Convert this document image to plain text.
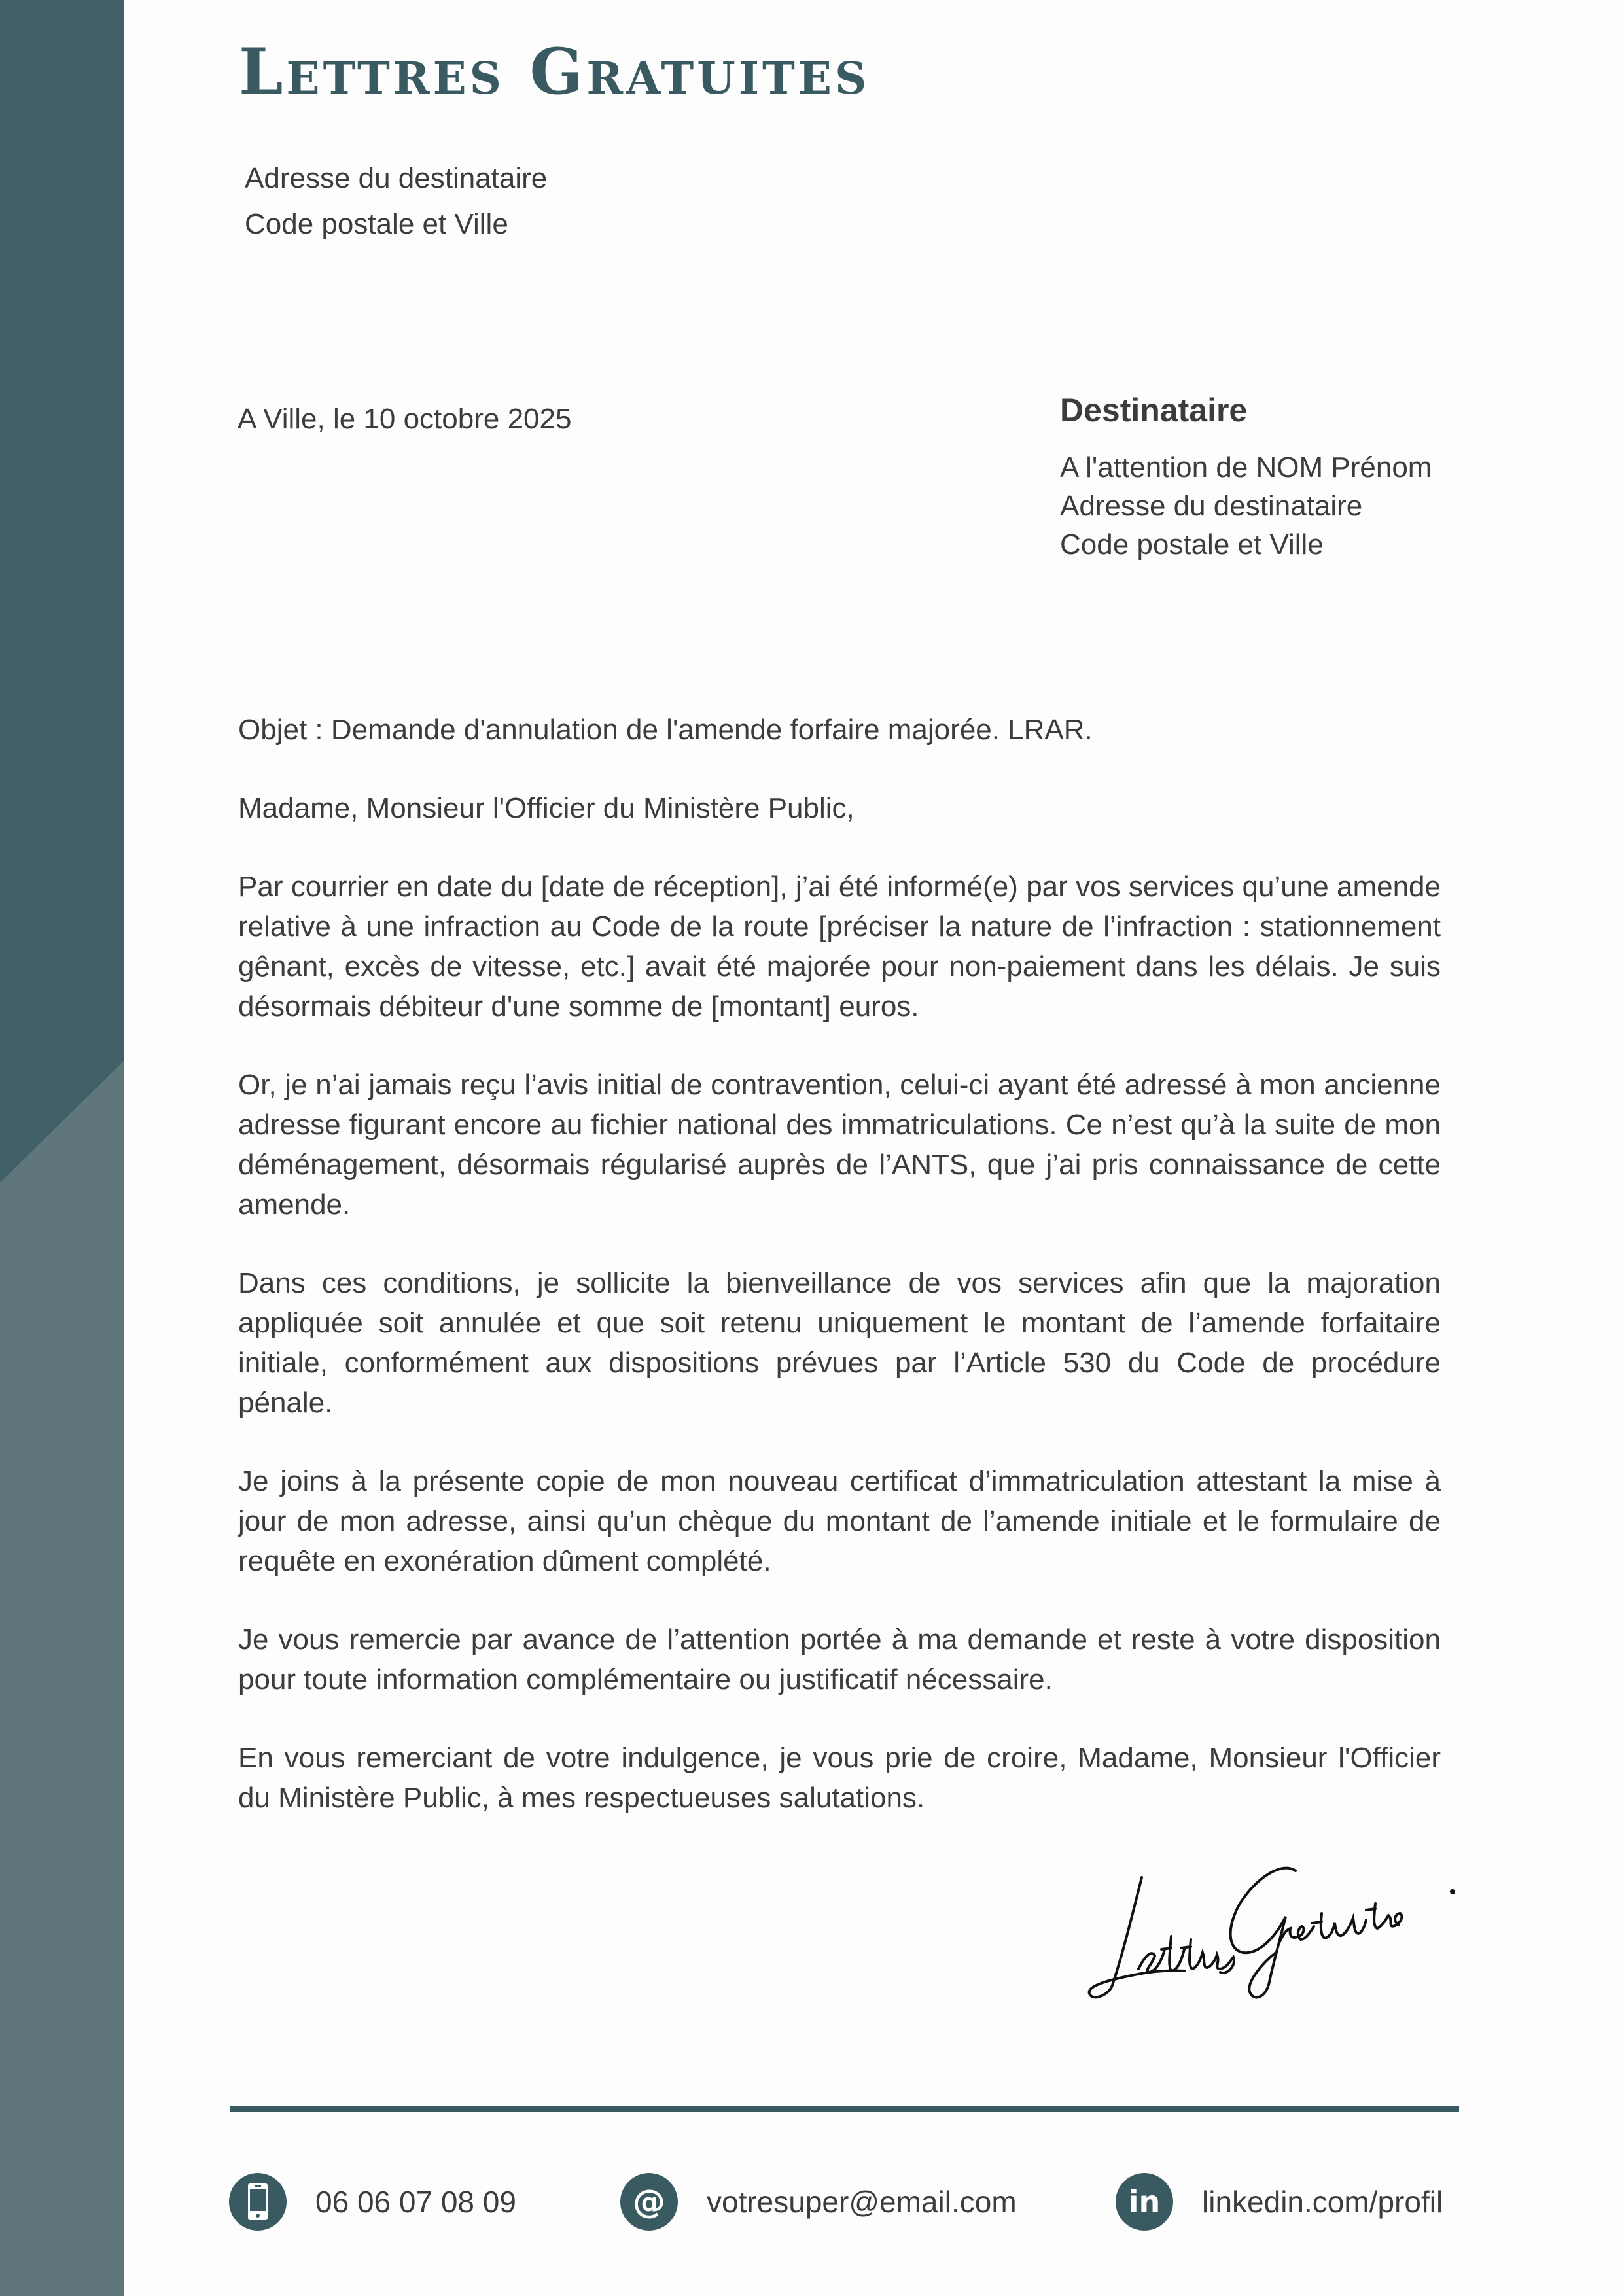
Lettres Gratuites
Adresse du destinataire
Code postale et Ville
A Ville, le 10 octobre 2025	Destinataire
A l'attention de NOM Prénom
Adresse du destinataire
Code postale et Ville

Objet : Demande d'annulation de l'amende forfaire majorée. LRAR.

Madame, Monsieur l'Officier du Ministère Public,

Par courrier en date du [date de réception], j’ai été informé(e) par vos services qu’une amende relative à une infraction au Code de la route [préciser la nature de l’infraction : stationnement gênant, excès de vitesse, etc.] avait été majorée pour non-paiement dans les délais. Je suis désormais débiteur d'une somme de [montant] euros.

Or, je n’ai jamais reçu l’avis initial de contravention, celui-ci ayant été adressé à mon ancienne adresse figurant encore au fichier national des immatriculations. Ce n’est qu’à la suite de mon déménagement, désormais régularisé auprès de l’ANTS, que j’ai pris connaissance de cette amende.

Dans ces conditions, je sollicite la bienveillance de vos services afin que la majoration appliquée soit annulée et que soit retenu uniquement le montant de l’amende forfaitaire initiale, conformément aux dispositions prévues par l’Article 530 du Code de procédure pénale.

Je joins à la présente copie de mon nouveau certificat d’immatriculation attestant la mise à jour de mon adresse, ainsi qu’un chèque du montant de l’amende initiale et le formulaire de requête en exonération dûment complété.

Je vous remercie par avance de l’attention portée à ma demande et reste à votre disposition pour toute information complémentaire ou justificatif nécessaire.

En vous remerciant de votre indulgence, je vous prie de croire, Madame, Monsieur l'Officier du Ministère Public, à mes respectueuses salutations.

06 06 07 08 09	@ votresuper@email.com	in linkedin.com/profil
